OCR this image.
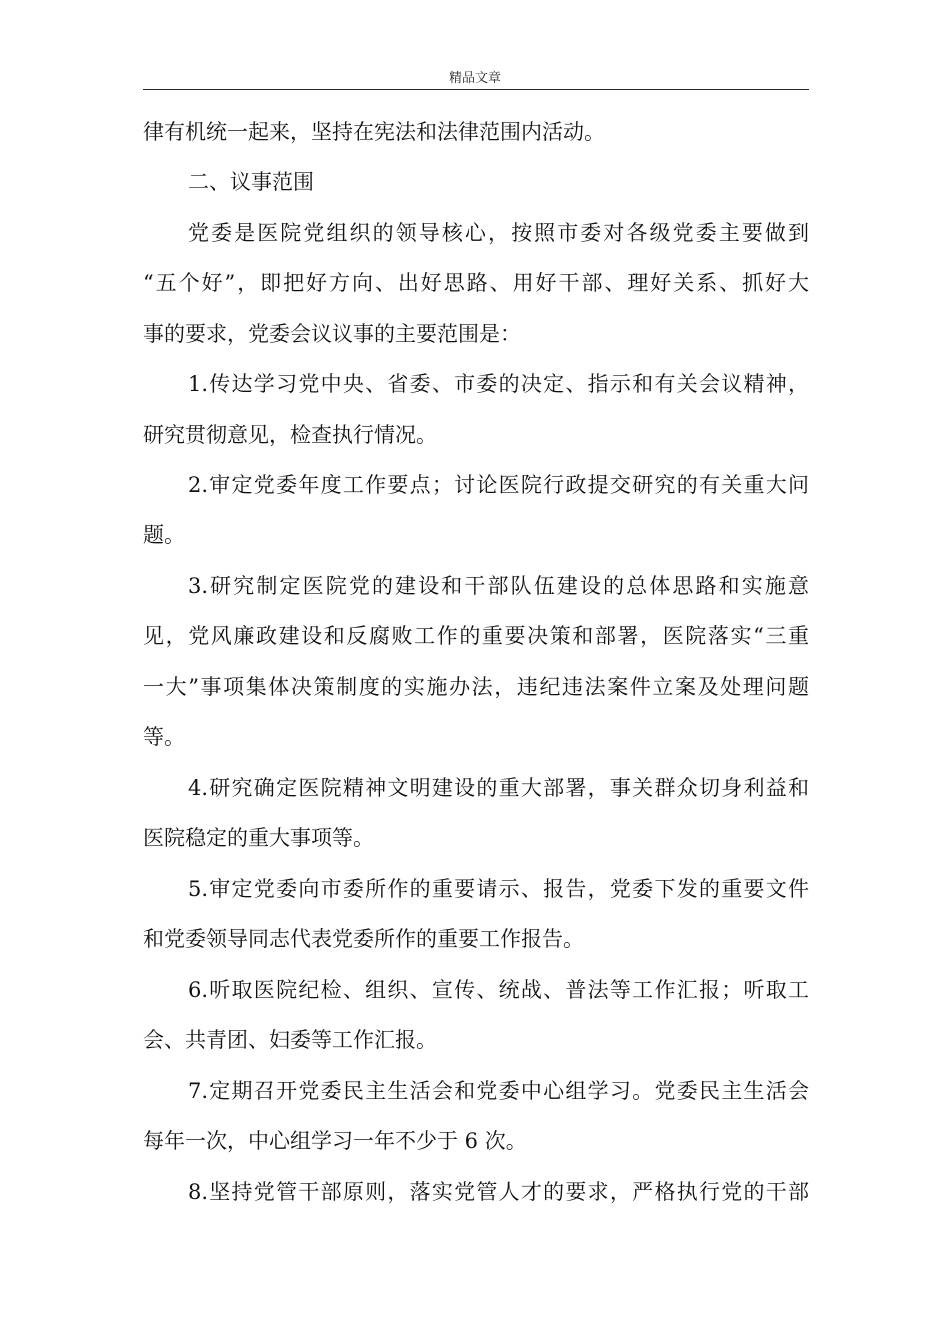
精品文章
律有机统一起来，坚持在宪法和法律范围内活动。
二、议事范围
党委是医院党组织的领导核心，按照市委对各级党委主要做到
“五个好”，即把好方向、出好思路、用好干部、理好关系、抓好大
事的要求，党委会议议事的主要范围是：
1.传达学习党中央、省委、市委的决定、指示和有关会议精神，
研究贯彻意见，检查执行情况。
2.审定党委年度工作要点；讨论医院行政提交研究的有关重大问
题。
3.研究制定医院党的建设和干部队伍建设的总体思路和实施意
见，党风廉政建设和反腐败工作的重要决策和部署，医院落实“三重
一大”事项集体决策制度的实施办法，违纪违法案件立案及处理问题
等。
4.研究确定医院精神文明建设的重大部署，事关群众切身利益和
医院稳定的重大事项等。
5.审定党委向市委所作的重要请示、报告，党委下发的重要文件
和党委领导同志代表党委所作的重要工作报告。
6.听取医院纪检、组织、宣传、统战、普法等工作汇报；听取工
会、共青团、妇委等工作汇报。
7.定期召开党委民主生活会和党委中心组学习。党委民主生活会
每年一次，中心组学习一年不少于 6 次。
8.坚持党管干部原则，落实党管人才的要求，严格执行党的干部
